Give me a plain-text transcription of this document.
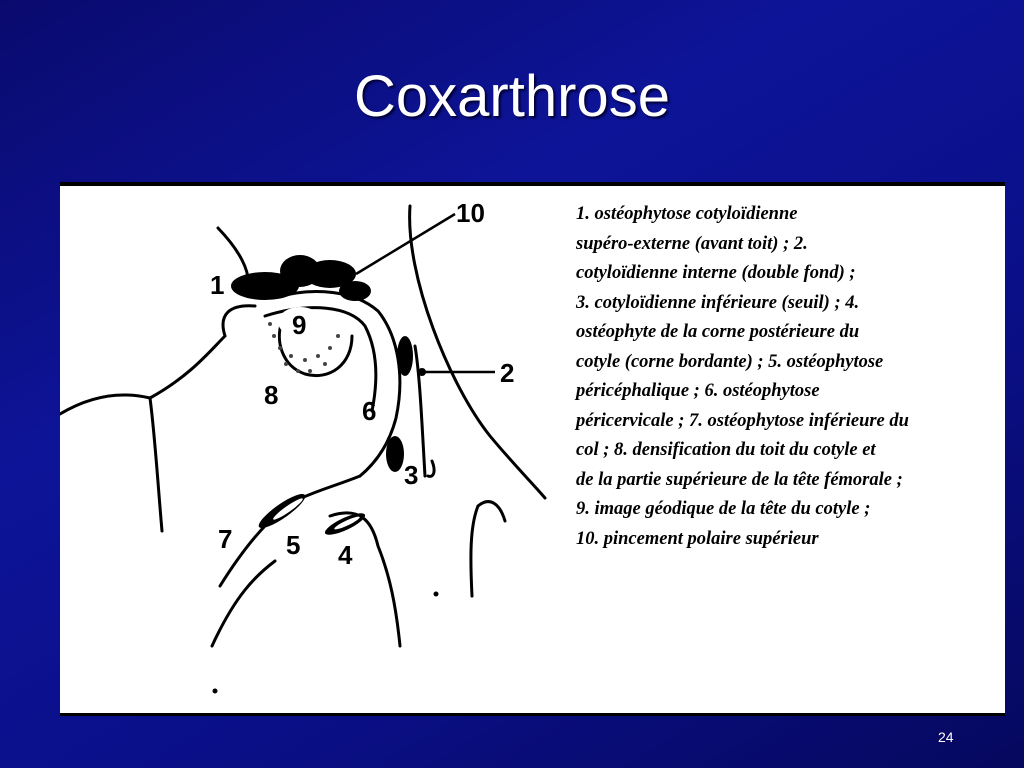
Coxarthrose
1
2
3
4
5
6
7
8
9
10	1. ostéophytose cotyloïdienne
supéro-externe (avant toit) ; 2.
cotyloïdienne interne (double fond) ;
3. cotyloïdienne inférieure (seuil) ; 4.
ostéophyte de la corne postérieure du
cotyle (corne bordante) ; 5. ostéophytose
péricéphalique ; 6. ostéophytose
péricervicale ; 7. ostéophytose inférieure du
col ; 8. densification du toit du cotyle et
de la partie supérieure de la tête fémorale ;
9. image géodique de la tête du cotyle ;
10. pincement polaire supérieur
24
